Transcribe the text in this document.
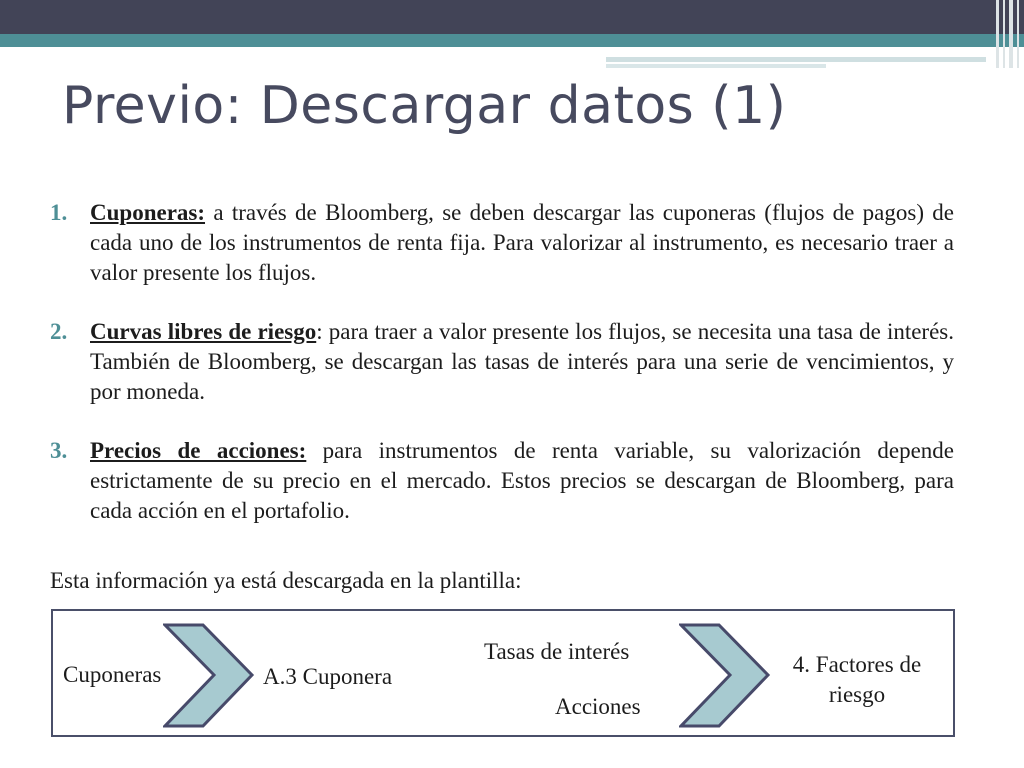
Previo: Descargar datos (1)
1. Cuponeras: a través de Bloomberg, se deben descargar las cuponeras (flujos de pagos) de cada uno de los instrumentos de renta fija. Para valorizar al instrumento, es necesario traer a valor presente los flujos.
2. Curvas libres de riesgo: para traer a valor presente los flujos, se necesita una tasa de interés. También de Bloomberg, se descargan las tasas de interés para una serie de vencimientos, y por moneda.
3. Precios de acciones: para instrumentos de renta variable, su valorización depende estrictamente de su precio en el mercado. Estos precios se descargan de Bloomberg, para cada acción en el portafolio.
Esta información ya está descargada en la plantilla:
Cuponeras	A.3 Cuponera
Tasas de interés
Acciones
4. Factores de
riesgo
